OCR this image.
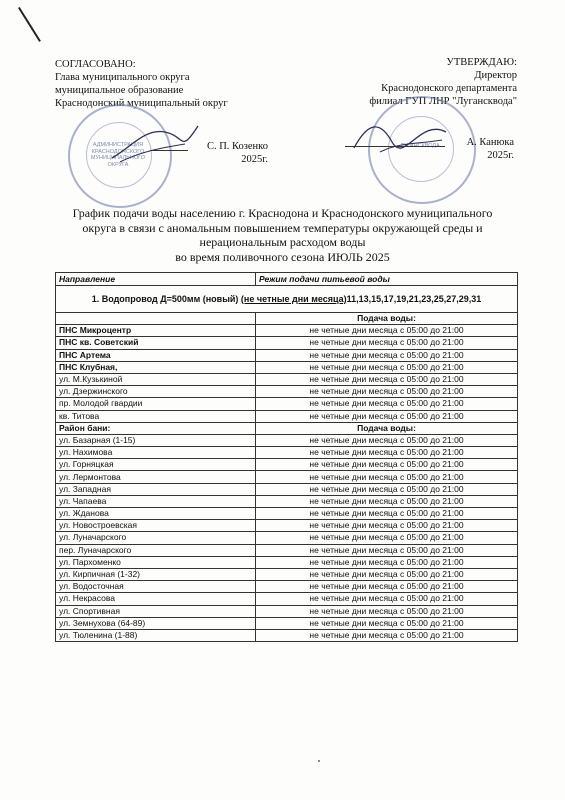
СОГЛАСОВАНО:
Глава муниципального округа
муниципальное образование
Краснодонский муниципальный округ
УТВЕРЖДАЮ:
Директор
Краснодонского департамента
филиал ГУП ЛНР "Лугансквода"
АДМИНИСТРАЦИЯ КРАСНОДОНСКОГО МУНИЦИПАЛЬНОГО ОКРУГА
ЛУГАНСКВОДА
С. П. Козенко
2025г.
А. Канюка
2025г.
График подачи воды населению г. Краснодона и Краснодонского муниципального
округа в связи с аномальным повышением температуры окружающей среды и
нерациональным расходом воды
во время поливочного сезона ИЮЛЬ 2025
Направление	Режим подачи питьевой воды
1. Водопровод Д=500мм (новый) (не четные дни месяца)11,13,15,17,19,21,23,25,27,29,31	
	Подача воды:
ПНС Микроцентр	не четные дни месяца с 05:00 до 21:00
ПНС кв. Советский	не четные дни месяца с 05:00 до 21:00
ПНС Артема	не четные дни месяца с 05:00 до 21:00
ПНС Клубная,	не четные дни месяца с 05:00 до 21:00
ул. М.Кузькиной	не четные дни месяца с 05:00 до 21:00
ул. Дзержинского	не четные дни месяца с 05:00 до 21:00
пр. Молодой гвардии	не четные дни месяца с 05:00 до 21:00
кв. Титова	не четные дни месяца с 05:00 до 21:00
Район бани:	Подача воды:
ул. Базарная (1-15)	не четные дни месяца с 05:00 до 21:00
ул. Нахимова	не четные дни месяца с 05:00 до 21:00
ул. Горняцкая	не четные дни месяца с 05:00 до 21:00
ул. Лермонтова	не четные дни месяца с 05:00 до 21:00
ул. Западная	не четные дни месяца с 05:00 до 21:00
ул. Чапаева	не четные дни месяца с 05:00 до 21:00
ул. Жданова	не четные дни месяца с 05:00 до 21:00
ул. Новостроевская	не четные дни месяца с 05:00 до 21:00
ул. Луначарского	не четные дни месяца с 05:00 до 21:00
пер. Луначарского	не четные дни месяца с 05:00 до 21:00
ул. Пархоменко	не четные дни месяца с 05:00 до 21:00
ул. Кирпичная (1-32)	не четные дни месяца с 05:00 до 21:00
ул. Водосточная	не четные дни месяца с 05:00 до 21:00
ул. Некрасова	не четные дни месяца с 05:00 до 21:00
ул. Спортивная	не четные дни месяца с 05:00 до 21:00
ул. Земнухова (64-89)	не четные дни месяца с 05:00 до 21:00
ул. Тюленина (1-88)	не четные дни месяца с 05:00 до 21:00
